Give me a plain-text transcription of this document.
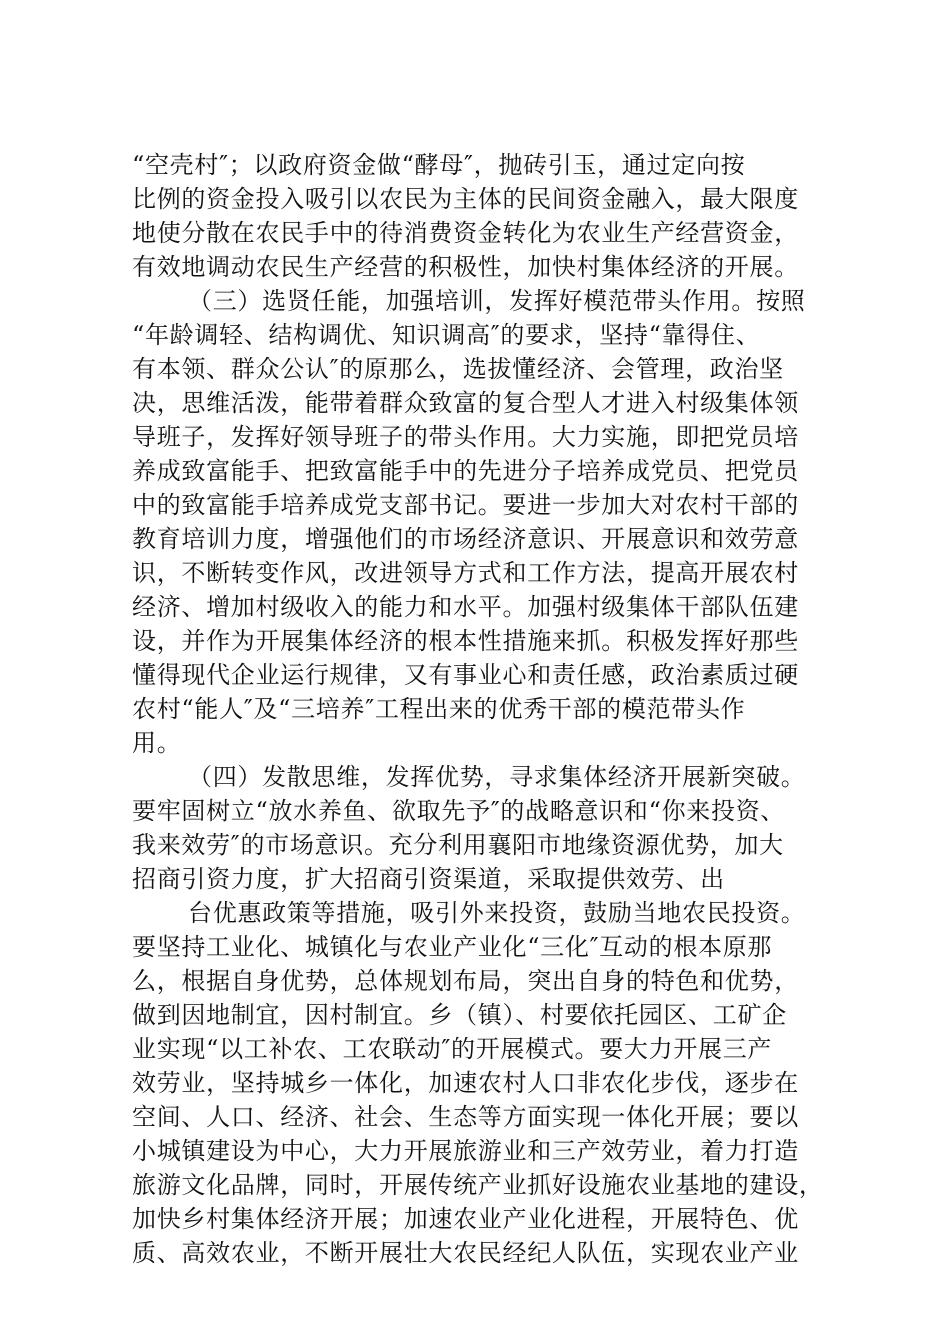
“空壳村″；以政府资金做“酵母″，抛砖引玉，通过定向按
比例的资金投入吸引以农民为主体的民间资金融入，最大限度
地使分散在农民手中的待消费资金转化为农业生产经营资金，
有效地调动农民生产经营的积极性，加快村集体经济的开展。
（三）选贤任能，加强培训，发挥好模范带头作用。按照
“年龄调轻、结构调优、知识调高″的要求，坚持“靠得住、
有本领、群众公认″的原那么，选拔懂经济、会管理，政治坚
决，思维活泼，能带着群众致富的复合型人才进入村级集体领
导班子，发挥好领导班子的带头作用。大力实施，即把党员培
养成致富能手、把致富能手中的先进分子培养成党员、把党员
中的致富能手培养成党支部书记。要进一步加大对农村干部的
教育培训力度，增强他们的市场经济意识、开展意识和效劳意
识，不断转变作风，改进领导方式和工作方法，提高开展农村
经济、增加村级收入的能力和水平。加强村级集体干部队伍建
设，并作为开展集体经济的根本性措施来抓。积极发挥好那些
懂得现代企业运行规律，又有事业心和责任感，政治素质过硬
农村“能人″及“三培养″工程出来的优秀干部的模范带头作
用。
（四）发散思维，发挥优势，寻求集体经济开展新突破。
要牢固树立“放水养鱼、欲取先予″的战略意识和“你来投资、
我来效劳″的市场意识。充分利用襄阳市地缘资源优势，加大
招商引资力度，扩大招商引资渠道，采取提供效劳、出
台优惠政策等措施，吸引外来投资，鼓励当地农民投资。
要坚持工业化、城镇化与农业产业化“三化″互动的根本原那
么，根据自身优势，总体规划布局，突出自身的特色和优势，
做到因地制宜，因村制宜。乡（镇）、村要依托园区、工矿企
业实现“以工补农、工农联动″的开展模式。要大力开展三产
效劳业，坚持城乡一体化，加速农村人口非农化步伐，逐步在
空间、人口、经济、社会、生态等方面实现一体化开展；要以
小城镇建设为中心，大力开展旅游业和三产效劳业，着力打造
旅游文化品牌，同时，开展传统产业抓好设施农业基地的建设，
加快乡村集体经济开展；加速农业产业化进程，开展特色、优
质、高效农业，不断开展壮大农民经纪人队伍，实现农业产业
